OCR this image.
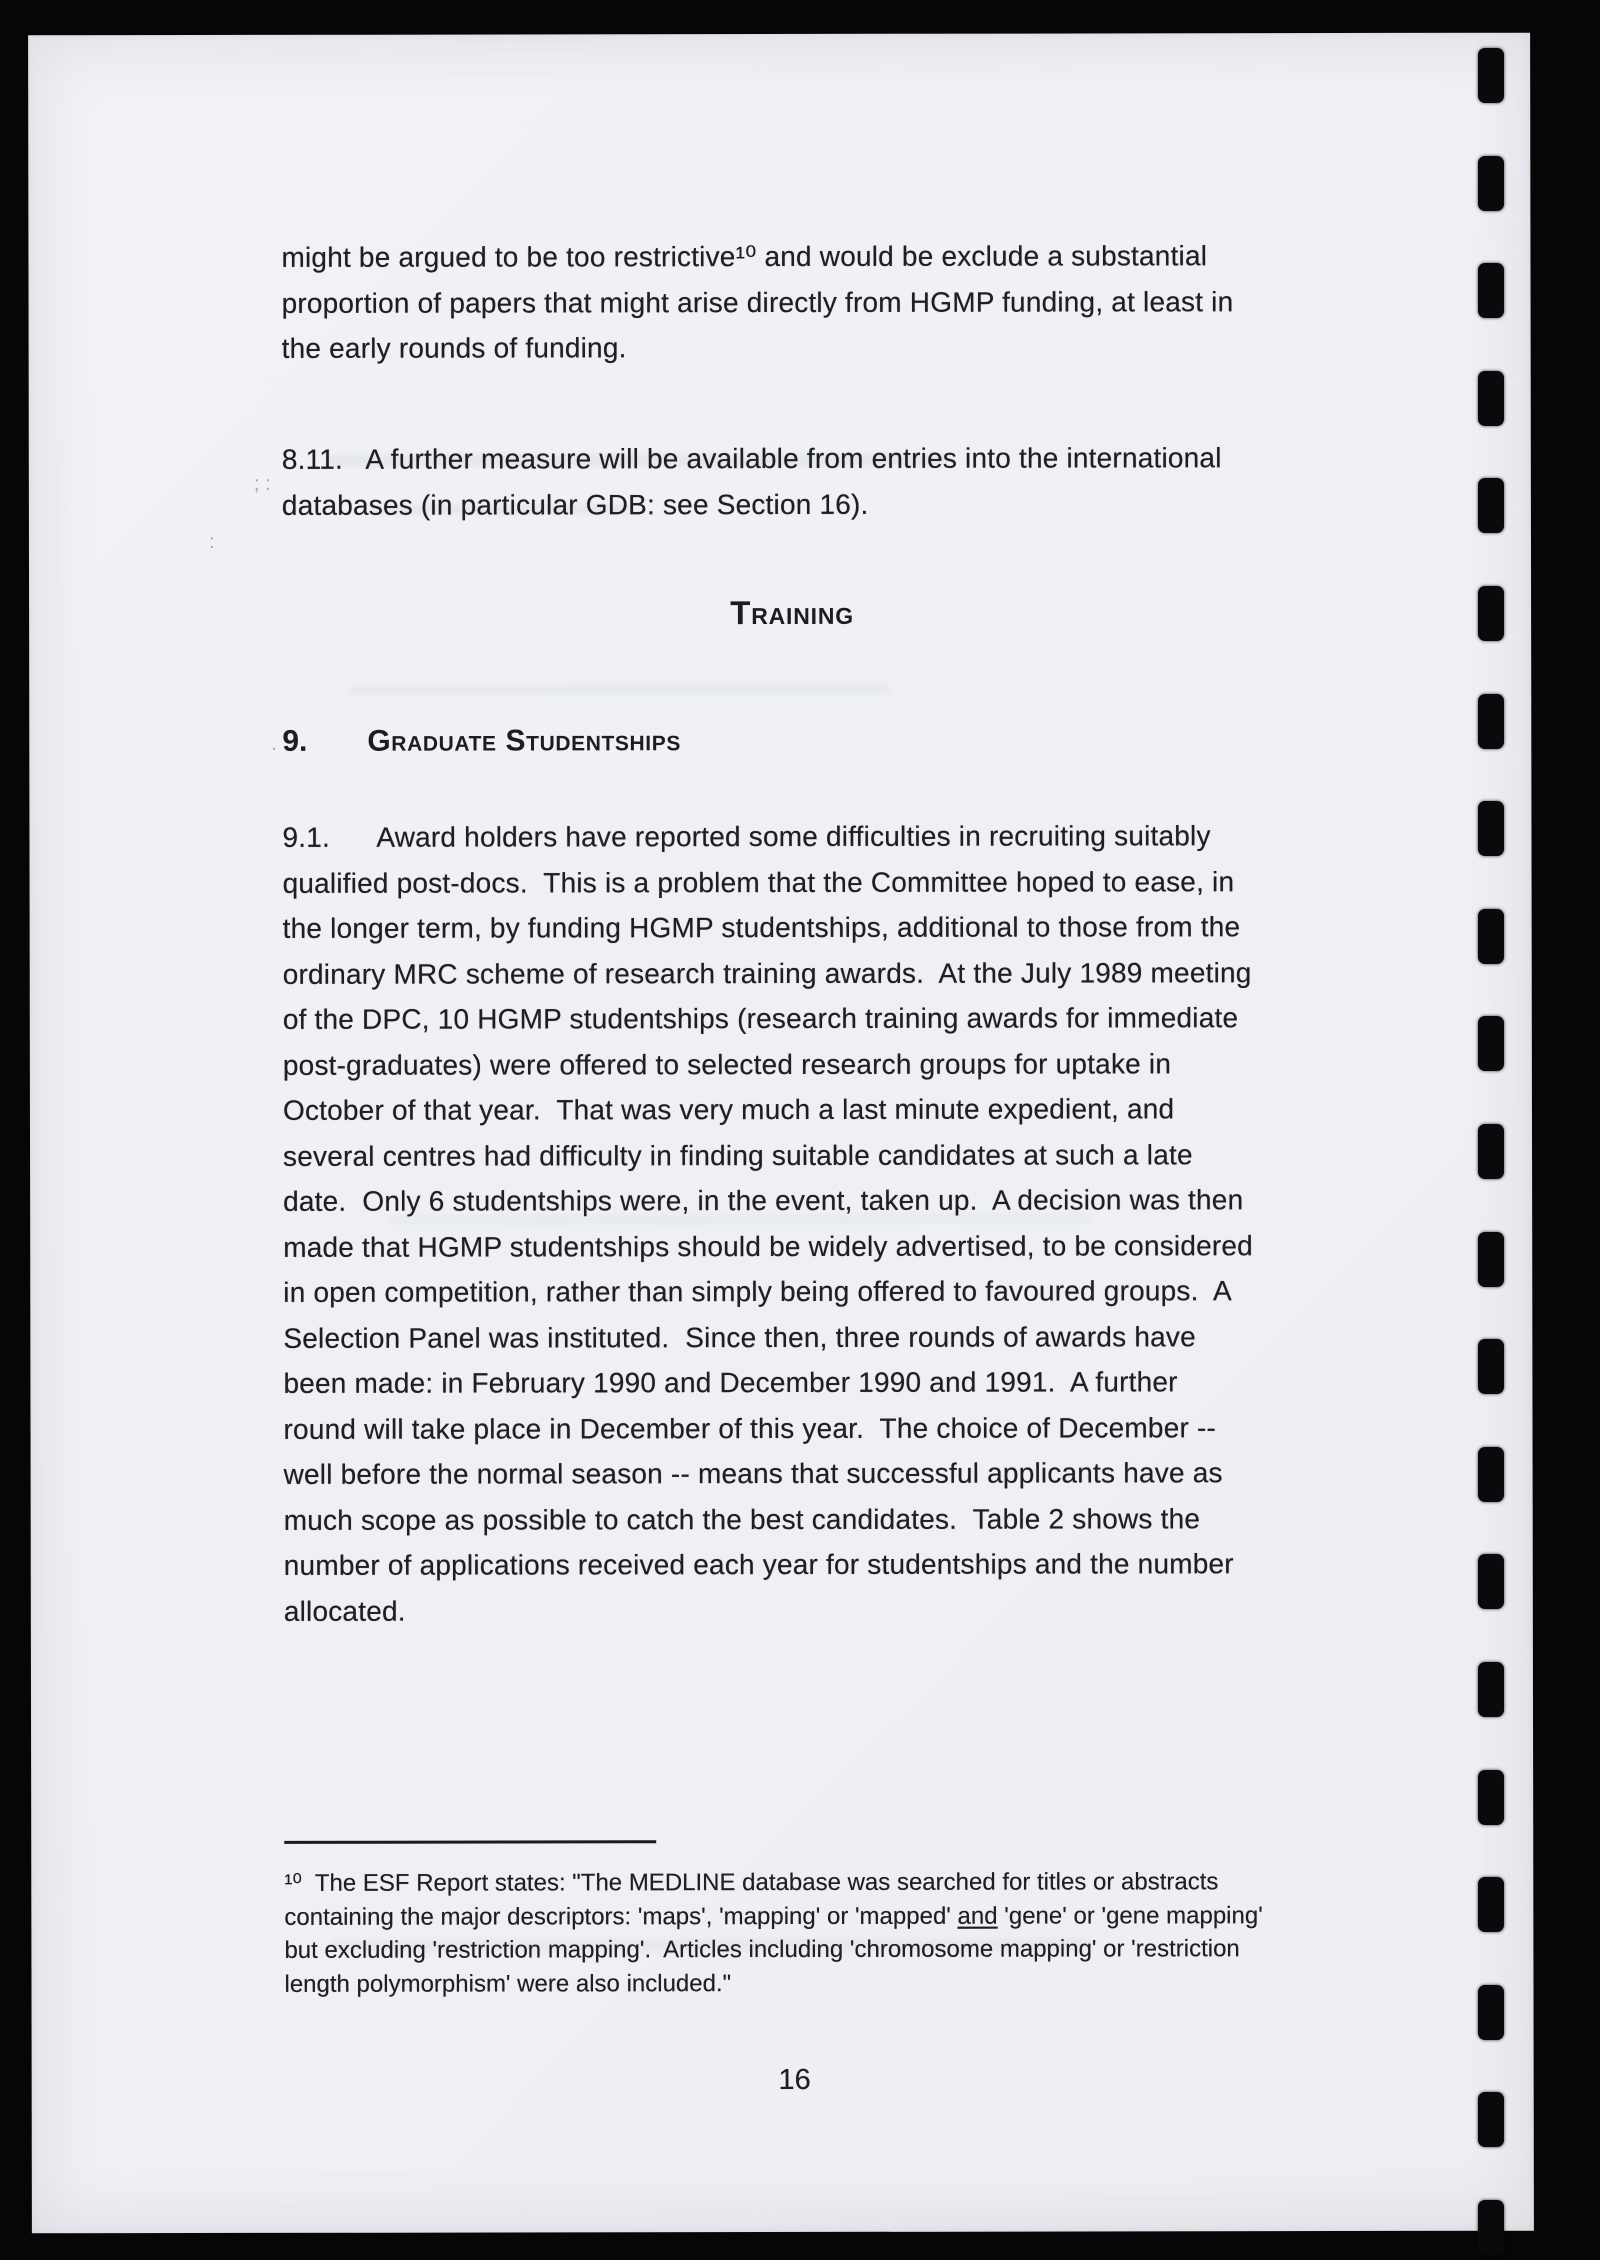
; :
:
.
might be argued to be too restrictive¹⁰ and would be exclude a substantial
proportion of papers that might arise directly from HGMP funding, at least in
the early rounds of funding.
8.11.   A further measure will be available from entries into the international
databases (in particular GDB: see Section 16).
Training
9. Graduate Studentships
9.1.      Award holders have reported some difficulties in recruiting suitably
qualified post-docs.  This is a problem that the Committee hoped to ease, in
the longer term, by funding HGMP studentships, additional to those from the
ordinary MRC scheme of research training awards.  At the July 1989 meeting
of the DPC, 10 HGMP studentships (research training awards for immediate
post-graduates) were offered to selected research groups for uptake in
October of that year.  That was very much a last minute expedient, and
several centres had difficulty in finding suitable candidates at such a late
date.  Only 6 studentships were, in the event, taken up.  A decision was then
made that HGMP studentships should be widely advertised, to be considered
in open competition, rather than simply being offered to favoured groups.  A
Selection Panel was instituted.  Since then, three rounds of awards have
been made: in February 1990 and December 1990 and 1991.  A further
round will take place in December of this year.  The choice of December --
well before the normal season -- means that successful applicants have as
much scope as possible to catch the best candidates.  Table 2 shows the
number of applications received each year for studentships and the number
allocated.
¹⁰  The ESF Report states: "The MEDLINE database was searched for titles or abstracts
containing the major descriptors: 'maps', 'mapping' or 'mapped' and 'gene' or 'gene mapping'
but excluding 'restriction mapping'.  Articles including 'chromosome mapping' or 'restriction
length polymorphism' were also included."
16
